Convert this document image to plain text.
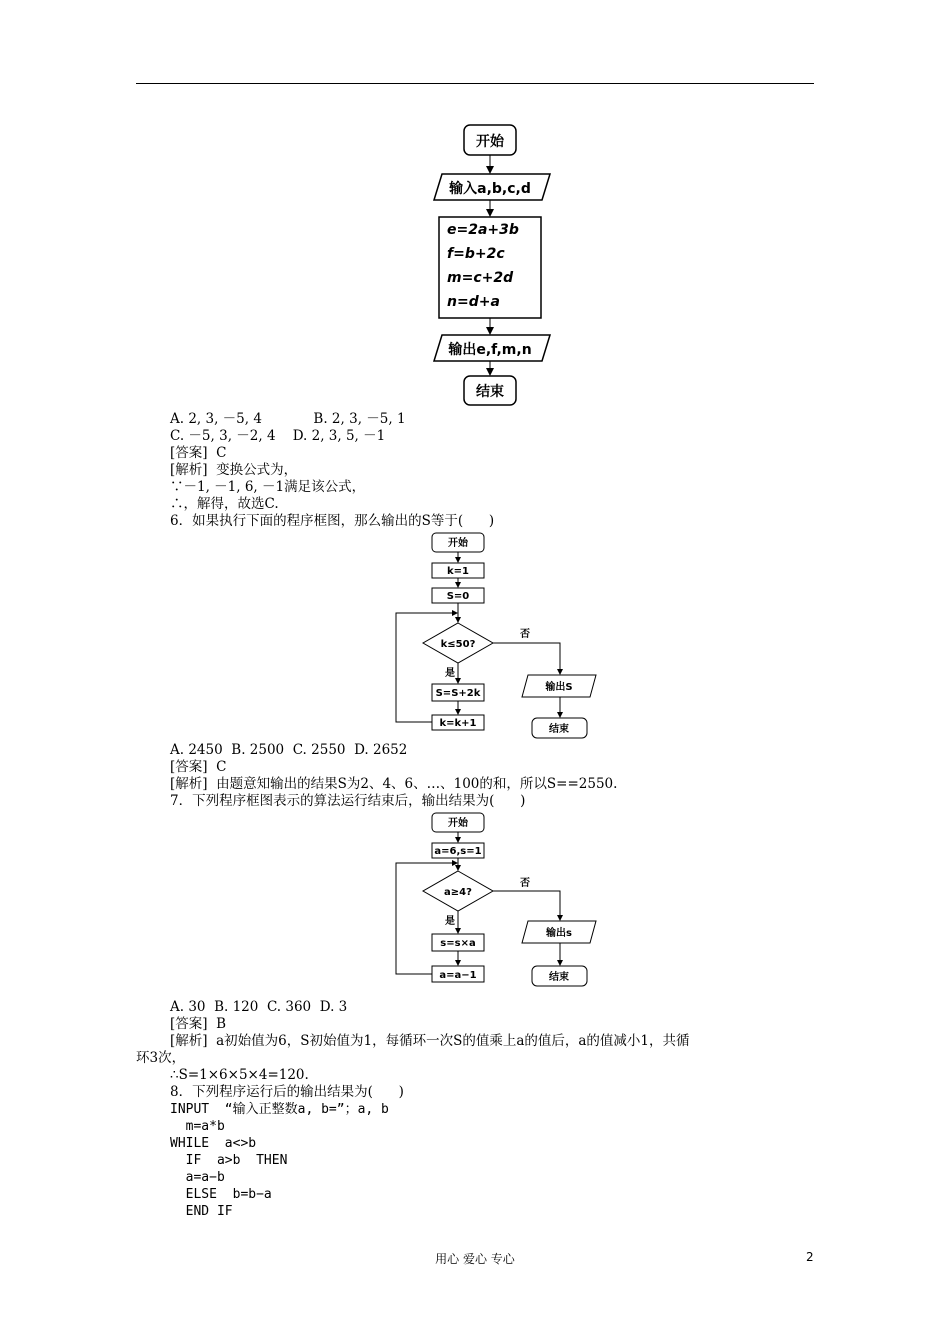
开始
输入a,b,c,d
e=2a+3b
f=b+2c
m=c+2d
n=d+a
输出e,f,m,n
结束
A. 2, 3, －5, 4            B. 2, 3, －5, 1
C. －5, 3, －2, 4    D. 2, 3, 5, －1
[答案]  C
[解析]  变换公式为，
∵－1, －1, 6, －1满足该公式，
∴，解得，故选C.
6．如果执行下面的程序框图，那么输出的S等于(      )
开始
k=1
S=0
k≤50?
否
是
S=S+2k
k=k+1
输出S
结束
A. 2450  B. 2500  C. 2550  D. 2652
[答案]  C
[解析]  由题意知输出的结果S为2、4、6、…、100的和，所以S==2550.
7．下列程序框图表示的算法运行结束后，输出结果为(      )
开始
a=6,s=1
a≥4?
否
是
s=s×a
a=a−1
输出s
结束
A. 30  B. 120  C. 360  D. 3
[答案]  B
[解析]  a初始值为6，S初始值为1，每循环一次S的值乘上a的值后，a的值减小1，共循
环3次，
∴S=1×6×5×4=120.
8．下列程序运行后的输出结果为(      )
INPUT  “输入正整数a, b=”；a, b
m=a*b
WHILE  a<>b
IF  a>b  THEN
a=a−b
ELSE  b=b−a
END IF
用心 爱心 专心	2
